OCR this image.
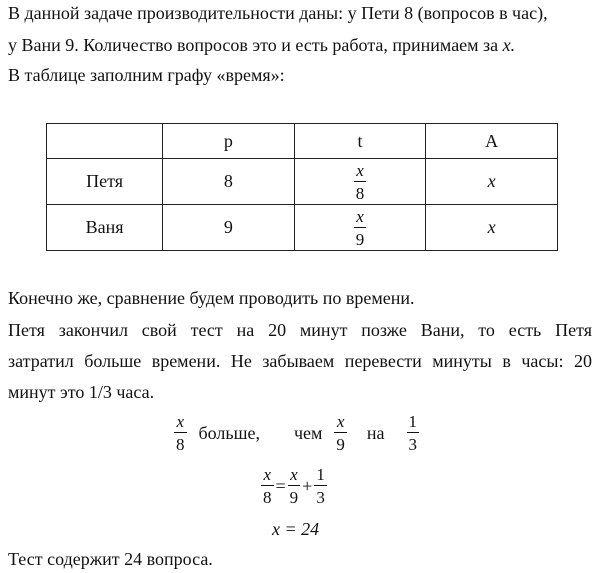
В данной задаче производительности даны: у Пети 8 (вопросов в час),
у Вани 9. Количество вопросов это и есть работа, принимаем за x.
В таблице заполним графу «время»:
	p	t	A
Петя	8	$\frac{x}{8}$	x
Ваня	9	$\frac{x}{9}$	x
Конечно же, сравнение будем проводить по времени.
Петя закончил свой тест на 20 минут позже Вани, то есть Петя
затратил больше времени. Не забываем перевести минуты в часы: 20
минут это 1/3 часа.
$\frac{x}{8}$ больше, чем $\frac{x}{9}$ на $\frac{1}{3}$
$\frac{x}{8} = \frac{x}{9} + \frac{1}{3}$
x = 24
Тест содержит 24 вопроса.
